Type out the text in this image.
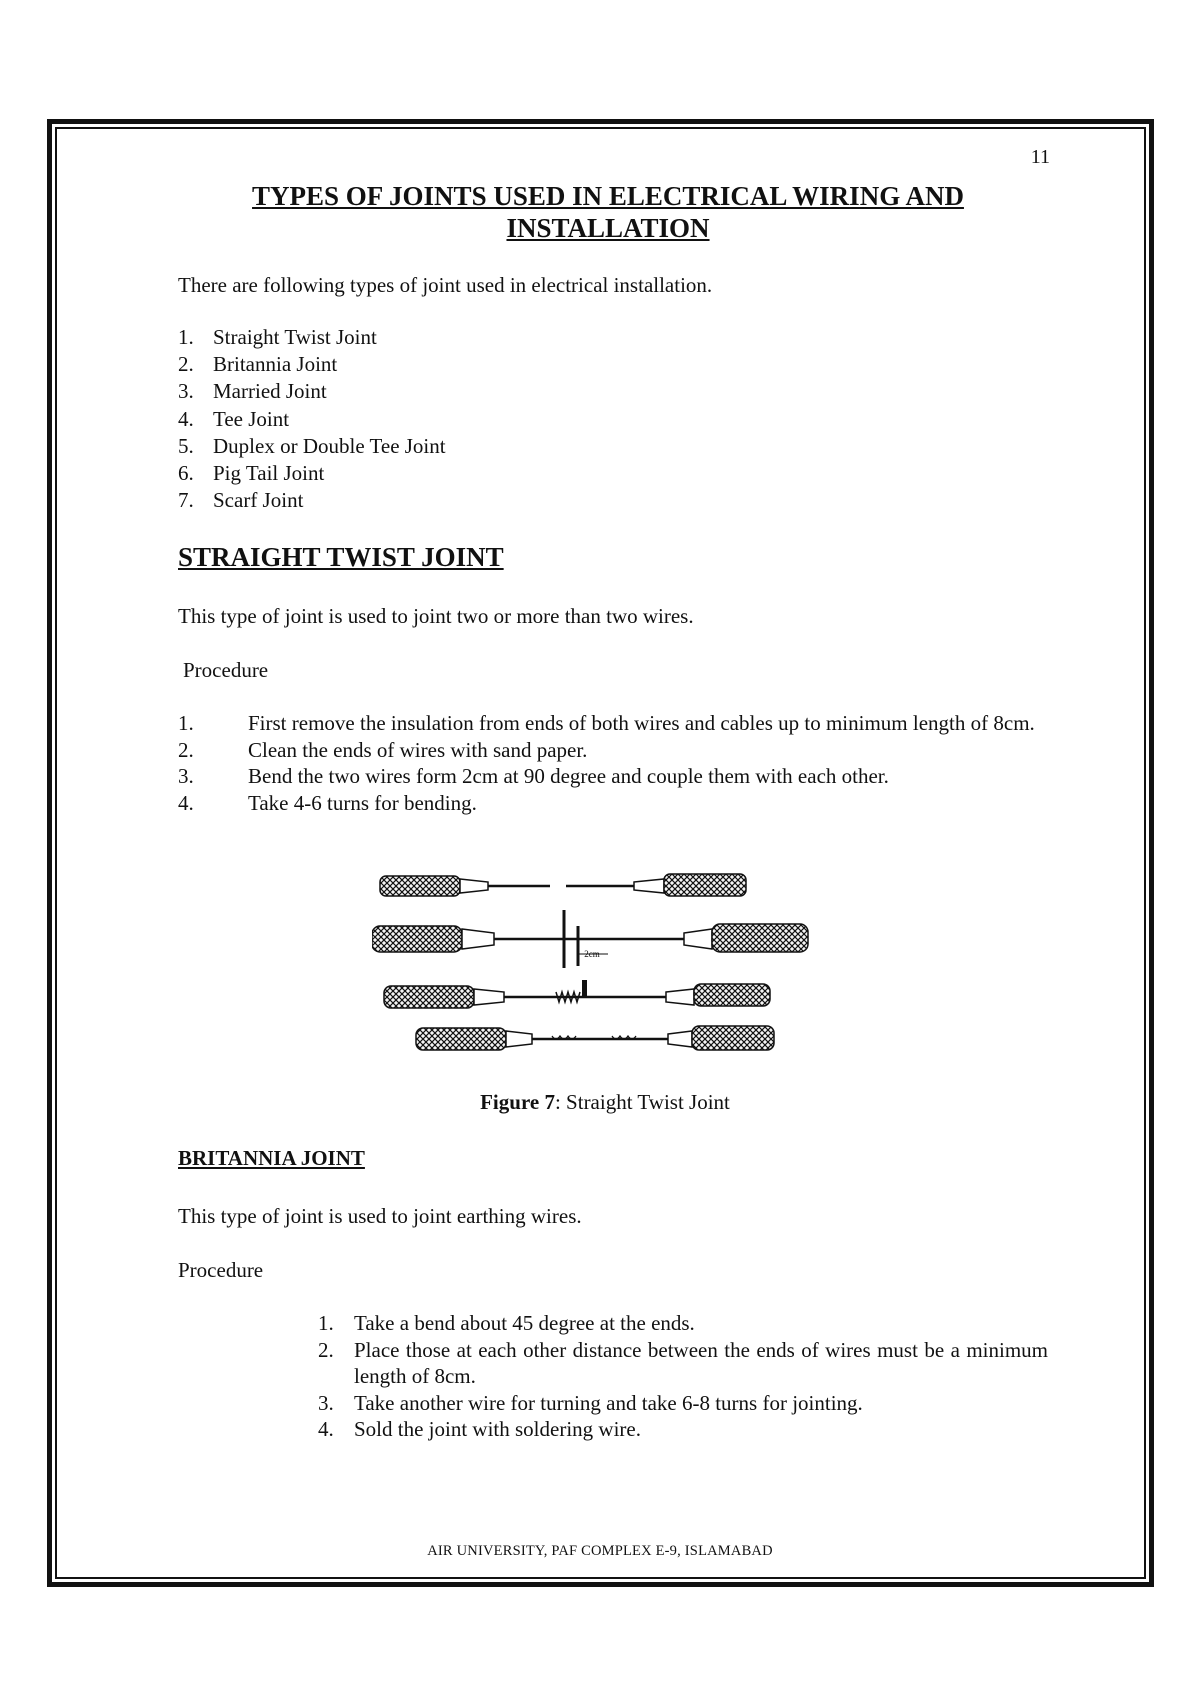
11
TYPES OF JOINTS USED IN ELECTRICAL WIRING AND INSTALLATION
There are following types of joint used in electrical installation.
1. Straight Twist Joint
2. Britannia Joint
3. Married Joint
4. Tee Joint
5. Duplex or Double Tee Joint
6. Pig Tail Joint
7. Scarf Joint
STRAIGHT TWIST JOINT
This type of joint is used to joint two or more than two wires.
Procedure
1.	First remove the insulation from ends of both wires and cables up to minimum length of 8cm.
2.	Clean the ends of wires with sand paper.
3.	Bend the two wires form 2cm at 90 degree and couple them with each other.
4.	Take 4-6 turns for bending.
2cm
Figure 7: Straight Twist Joint
BRITANNIA JOINT
This type of joint is used to joint earthing wires.
Procedure
1. Take a bend about 45 degree at the ends.
2. Place those at each other distance between the ends of wires must be a minimum length of 8cm.
3. Take another wire for turning and take 6-8 turns for jointing.
4. Sold the joint with soldering wire.
AIR UNIVERSITY, PAF COMPLEX E-9, ISLAMABAD
